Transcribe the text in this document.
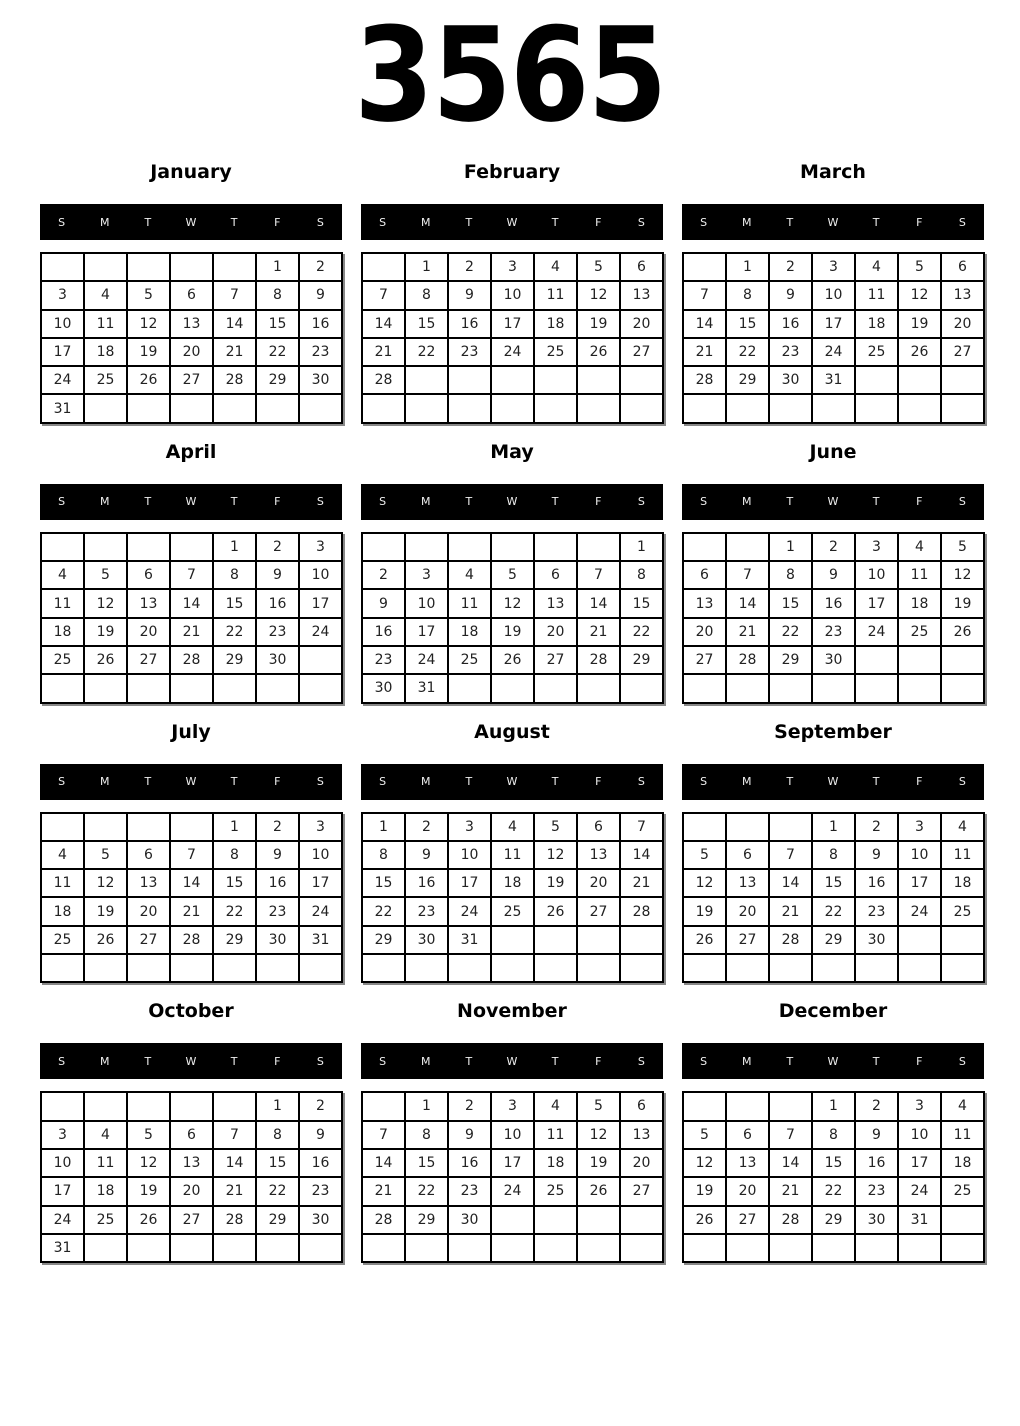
3565
January
S	M	T	W	T	F	S
					1	2
3	4	5	6	7	8	9
10	11	12	13	14	15	16
17	18	19	20	21	22	23
24	25	26	27	28	29	30
31						
February
S	M	T	W	T	F	S
	1	2	3	4	5	6
7	8	9	10	11	12	13
14	15	16	17	18	19	20
21	22	23	24	25	26	27
28						

March
S	M	T	W	T	F	S
	1	2	3	4	5	6
7	8	9	10	11	12	13
14	15	16	17	18	19	20
21	22	23	24	25	26	27
28	29	30	31			

April
S	M	T	W	T	F	S
				1	2	3
4	5	6	7	8	9	10
11	12	13	14	15	16	17
18	19	20	21	22	23	24
25	26	27	28	29	30	

May
S	M	T	W	T	F	S
						1
2	3	4	5	6	7	8
9	10	11	12	13	14	15
16	17	18	19	20	21	22
23	24	25	26	27	28	29
30	31					
June
S	M	T	W	T	F	S
		1	2	3	4	5
6	7	8	9	10	11	12
13	14	15	16	17	18	19
20	21	22	23	24	25	26
27	28	29	30			

July
S	M	T	W	T	F	S
				1	2	3
4	5	6	7	8	9	10
11	12	13	14	15	16	17
18	19	20	21	22	23	24
25	26	27	28	29	30	31

August
S	M	T	W	T	F	S
1	2	3	4	5	6	7
8	9	10	11	12	13	14
15	16	17	18	19	20	21
22	23	24	25	26	27	28
29	30	31				

September
S	M	T	W	T	F	S
			1	2	3	4
5	6	7	8	9	10	11
12	13	14	15	16	17	18
19	20	21	22	23	24	25
26	27	28	29	30		

October
S	M	T	W	T	F	S
					1	2
3	4	5	6	7	8	9
10	11	12	13	14	15	16
17	18	19	20	21	22	23
24	25	26	27	28	29	30
31						
November
S	M	T	W	T	F	S
	1	2	3	4	5	6
7	8	9	10	11	12	13
14	15	16	17	18	19	20
21	22	23	24	25	26	27
28	29	30				

December
S	M	T	W	T	F	S
			1	2	3	4
5	6	7	8	9	10	11
12	13	14	15	16	17	18
19	20	21	22	23	24	25
26	27	28	29	30	31	
